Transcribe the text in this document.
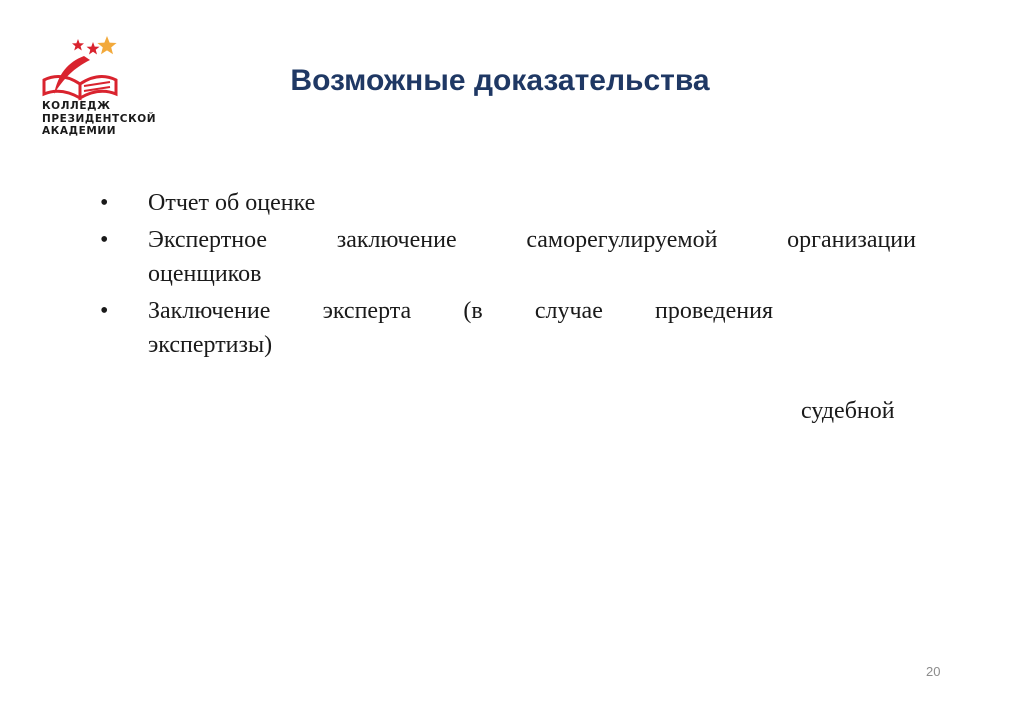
КОЛЛЕДЖ
ПРЕЗИДЕНТСКОЙ
АКАДЕМИИ
Возможные доказательства
• Отчет об оценке
• Экспертное заключение саморегулируемой организации
оценщиков
• Заключение эксперта (в случае проведения
экспертизы)
судебной
20
